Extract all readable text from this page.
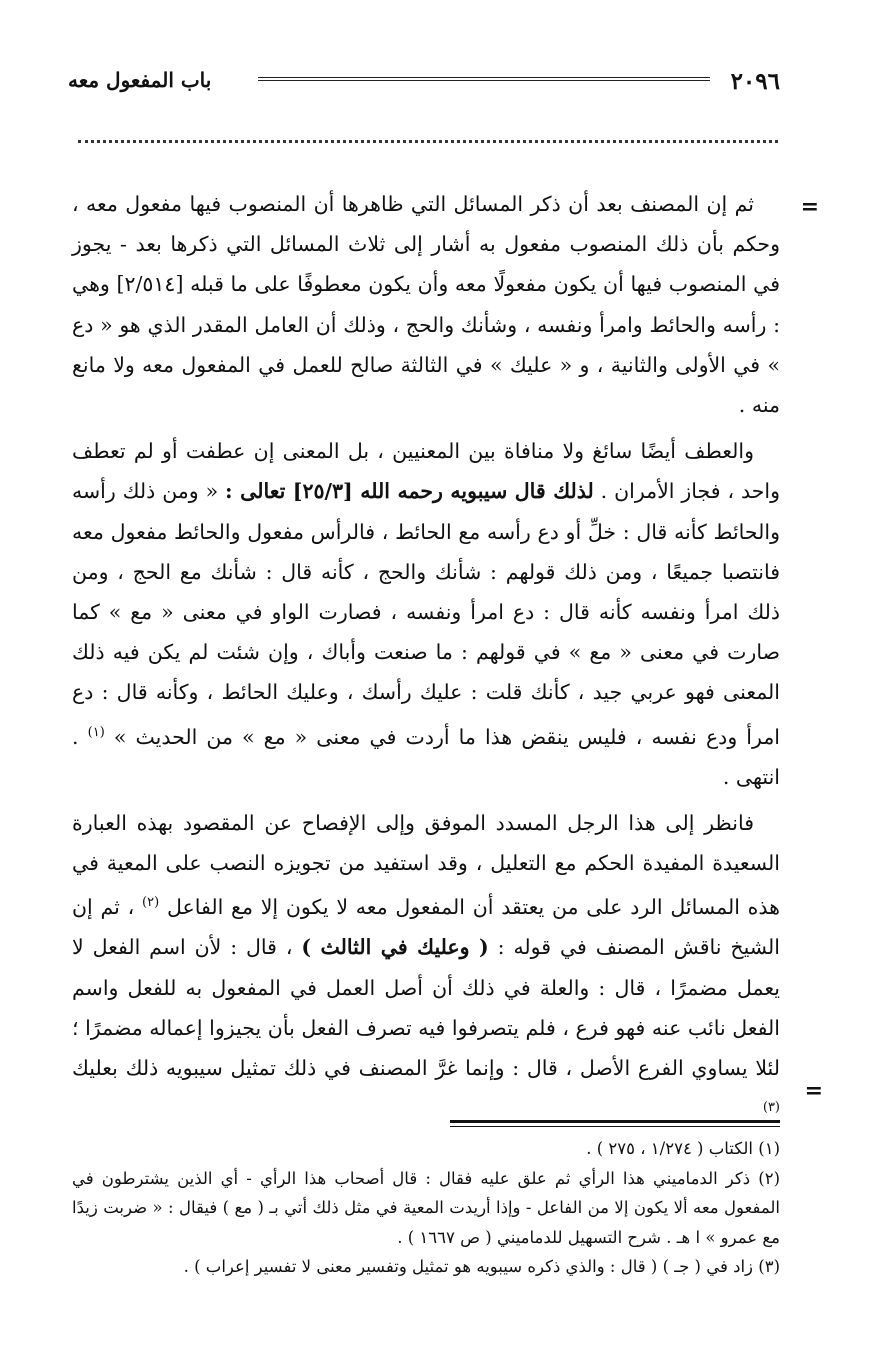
٢٠٩٦
باب المفعول معه
=
=

ثم إن المصنف بعد أن ذكر المسائل التي ظاهرها أن المنصوب فيها مفعول معه ، وحكم بأن ذلك المنصوب مفعول به أشار إلى ثلاث المسائل التي ذكرها بعد - يجوز في المنصوب فيها أن يكون مفعولًا معه وأن يكون معطوفًا على ما قبله [٢/٥١٤] وهي : رأسه والحائط وامرأ ونفسه ، وشأنك والحج ، وذلك أن العامل المقدر الذي هو « دع » في الأولى والثانية ، و « عليك » في الثالثة صالح للعمل في المفعول معه ولا مانع منه .

والعطف أيضًا سائغ ولا منافاة بين المعنيين ، بل المعنى إن عطفت أو لم تعطف واحد ، فجاز الأمران . لذلك قال سيبويه رحمه الله [٢٥/٣] تعالى : « ومن ذلك رأسه والحائط كأنه قال : خلِّ أو دع رأسه مع الحائط ، فالرأس مفعول والحائط مفعول معه فانتصبا جميعًا ، ومن ذلك قولهم : شأنك والحج ، كأنه قال : شأنك مع الحج ، ومن ذلك امرأ ونفسه كأنه قال : دع امرأ ونفسه ، فصارت الواو في معنى « مع » كما صارت في معنى « مع » في قولهم : ما صنعت وأباك ، وإن شئت لم يكن فيه ذلك المعنى فهو عربي جيد ، كأنك قلت : عليك رأسك ، وعليك الحائط ، وكأنه قال : دع امرأ ودع نفسه ، فليس ينقض هذا ما أردت في معنى « مع » من الحديث » $^{(١)}$ . انتهى .

فانظر إلى هذا الرجل المسدد الموفق وإلى الإفصاح عن المقصود بهذه العبارة السعيدة المفيدة الحكم مع التعليل ، وقد استفيد من تجويزه النصب على المعية في هذه المسائل الرد على من يعتقد أن المفعول معه لا يكون إلا مع الفاعل $^{(٢)}$ ، ثم إن الشيخ ناقش المصنف في قوله : ( وعليك في الثالث ) ، قال : لأن اسم الفعل لا يعمل مضمرًا ، قال : والعلة في ذلك أن أصل العمل في المفعول به للفعل واسم الفعل نائب عنه فهو فرع ، فلم يتصرفوا فيه تصرف الفعل بأن يجيزوا إعماله مضمرًا ؛ لئلا يساوي الفرع الأصل ، قال : وإنما غرَّ المصنف في ذلك تمثيل سيبويه ذلك بعليك $^{(٣)}$

(١) الكتاب ( ١/٢٧٤ ، ٢٧٥ ) .

(٢) ذكر الدماميني هذا الرأي ثم علق عليه فقال : قال أصحاب هذا الرأي - أي الذين يشترطون في المفعول معه ألا يكون إلا من الفاعل - وإذا أريدت المعية في مثل ذلك أتي بـ ( مع ) فيقال : « ضربت زيدًا مع عمرو » ا هـ . شرح التسهيل للدماميني ( ص ١٦٦٧ ) .

(٣) زاد في ( جـ ) ( قال : والذي ذكره سيبويه هو تمثيل وتفسير معنى لا تفسير إعراب ) .
